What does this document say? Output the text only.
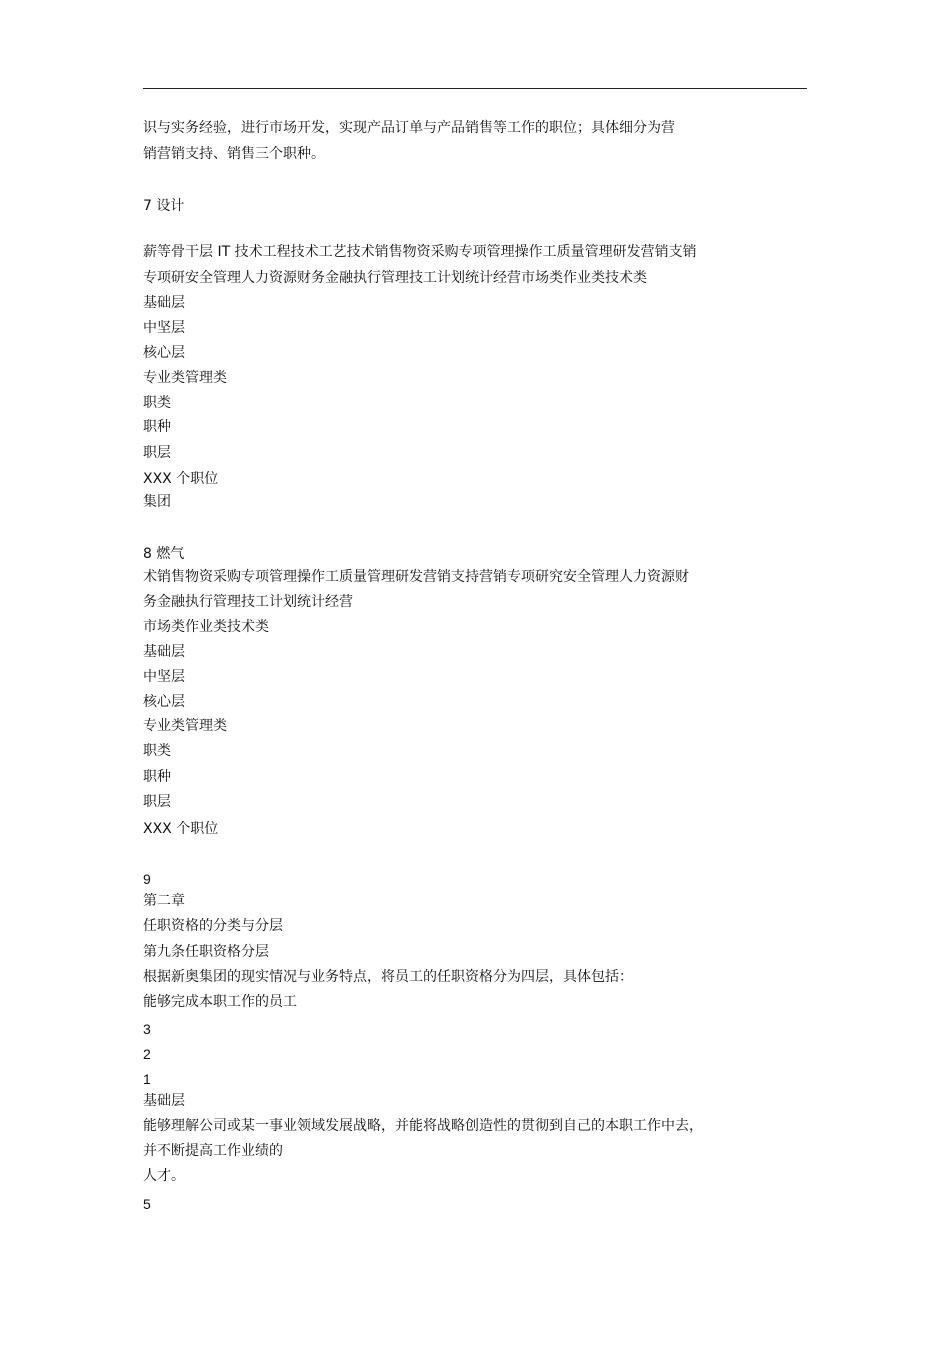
识与实务经验，进行市场开发，实现产品订单与产品销售等工作的职位；具体细分为营
销营销支持、销售三个职种。
7 设计
薪等骨干层 IT 技术工程技术工艺技术销售物资采购专项管理操作工质量管理研发营销支销
专项研安全管理人力资源财务金融执行管理技工计划统计经营市场类作业类技术类
基础层
中坚层
核心层
专业类管理类
职类
职种
职层
XXX 个职位
集团
8 燃气
术销售物资采购专项管理操作工质量管理研发营销支持营销专项研究安全管理人力资源财
务金融执行管理技工计划统计经营
市场类作业类技术类
基础层
中坚层
核心层
专业类管理类
职类
职种
职层
XXX 个职位
9
第二章
任职资格的分类与分层
第九条任职资格分层
根据新奥集团的现实情况与业务特点，将员工的任职资格分为四层，具体包括：
能够完成本职工作的员工
3
2
1
基础层
能够理解公司或某一事业领域发展战略，并能将战略创造性的贯彻到自己的本职工作中去，
并不断提高工作业绩的
人才。
5
